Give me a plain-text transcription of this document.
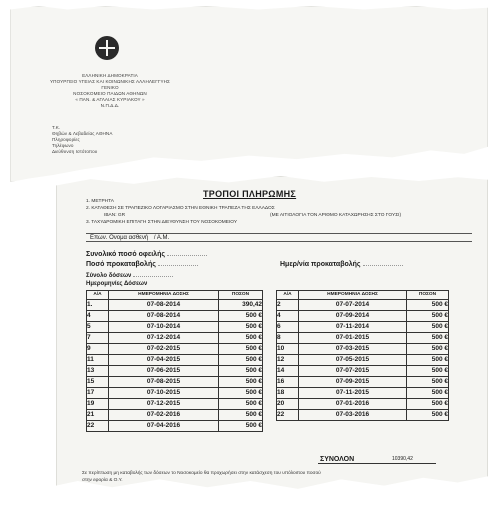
ΕΛΛΗΝΙΚΗ ΔΗΜΟΚΡΑΤΙΑ
ΥΠΟΥΡΓΕΙΟ ΥΓΕΙΑΣ ΚΑΙ ΚΟΙΝΩΝΙΚΗΣ ΑΛΛΗΛΕΓΓΥΗΣ
ΓΕΝΙΚΟ
ΝΟΣΟΚΟΜΕΙΟ ΠΑΙΔΩΝ ΑΘΗΝΩΝ
« ΠΑΝ. & ΑΓΛΑΙΑΣ ΚΥΡΙΑΚΟΥ »
Ν.Π.Δ.Δ.
Τ.Κ.
Θηβών & Λεβαδείας ΑΘΗΝΑ
Πληροφορίες
Τηλέφωνο
Διεύθυνση Ιστότοπου
ΤΡΟΠΟΙ ΠΛΗΡΩΜΗΣ
1. ΜΕΤΡΗΤΑ
2. ΚΑΤΑΘΕΣΗ ΣΕ ΤΡΑΠΕΖΙΚΟ ΛΟΓΑΡΙΑΣΜΟ ΣΤΗΝ ΕΘΝΙΚΗ ΤΡΑΠΕΖΑ ΤΗΣ ΕΛΛΑΔΟΣ
IBAN: GR	(ΜΕ ΑΙΤΙΟΛΟΓΙΑ ΤΟΝ ΑΡΙΘΜΟ ΚΑΤΑΧΩΡΗΣΗΣ ΣΤΟ ΓΟΥΣΙ)
3. ΤΑΧΥΔΡΟΜΙΚΗ ΕΠΙΤΑΓΗ ΣΤΗΝ ΔΙΕΥΘΥΝΣΗ ΤΟΥ ΝΟΣΟΚΟΜΕΙΟΥ
Επων. Ονομα ασθενή / Α.Μ.
Συνολικό ποσό οφειλής
Ποσό προκαταβολής	Ημερ/νία προκαταβολής
Σύνολο δόσεων
Ημερομηνίες Δόσεων
Α/Α	ΗΜΕΡΟΜΗΝΙΑ ΔΟΣΗΣ	ΠΟΣΟΝ
1.	07-08-2014	390,42
4	07-08-2014	500 €
5	07-10-2014	500 €
7	07-12-2014	500 €
9	07-02-2015	500 €
11	07-04-2015	500 €
13	07-06-2015	500 €
15	07-08-2015	500 €
17	07-10-2015	500 €
19	07-12-2015	500 €
21	07-02-2016	500 €
22	07-04-2016	500 €
Α/Α	ΗΜΕΡΟΜΗΝΙΑ ΔΟΣΗΣ	ΠΟΣΟΝ
2	07-07-2014	500 €
4	07-09-2014	500 €
6	07-11-2014	500 €
8	07-01-2015	500 €
10	07-03-2015	500 €
12	07-05-2015	500 €
14	07-07-2015	500 €
16	07-09-2015	500 €
18	07-11-2015	500 €
20	07-01-2016	500 €
22	07-03-2016	500 €
ΣΥΝΟΛΟΝ	10390,42
Σε περίπτωση μη καταβολής των δόσεων το Νοσοκομείο θα προχωρήσει στην κατάσχεση του υπόλοιπου ποσού
στην εφορία & Ο.Υ.
